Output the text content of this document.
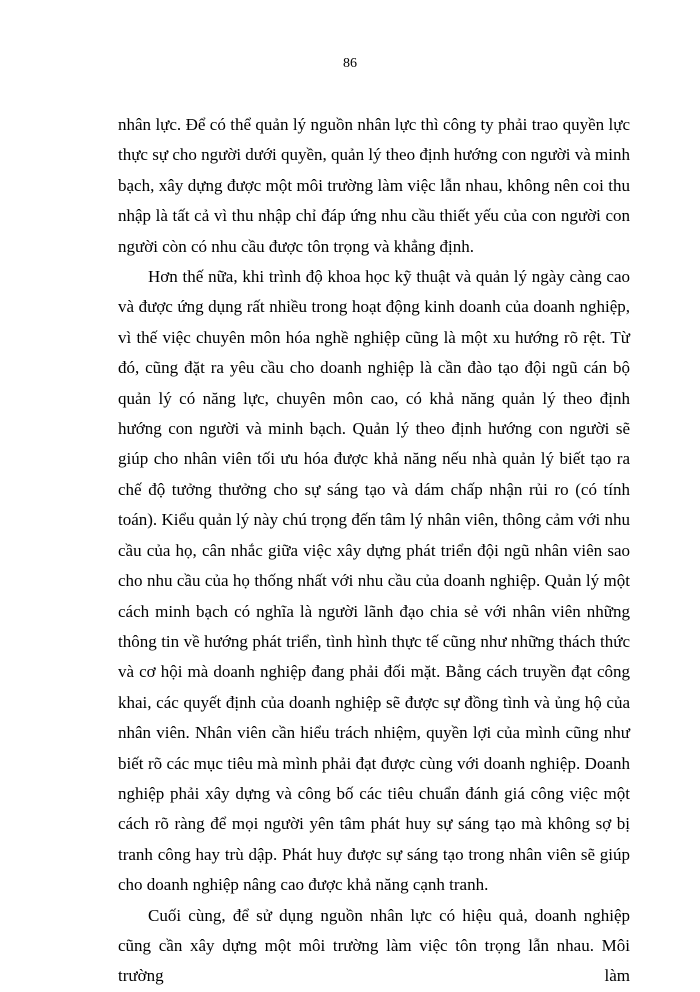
86

nhân lực. Để có thể quản lý nguồn nhân lực thì công ty phải trao quyền lực thực sự cho người dưới quyền, quản lý theo định hướng con người và minh bạch, xây dựng được một môi trường làm việc lẫn nhau, không nên coi thu nhập là tất cả vì thu nhập chỉ đáp ứng nhu cầu thiết yếu của con người con người còn có nhu cầu được tôn trọng và khẳng định.

Hơn thế nữa, khi trình độ khoa học kỹ thuật và quản lý ngày càng cao và được ứng dụng rất nhiều trong hoạt động kinh doanh của doanh nghiệp, vì thế việc chuyên môn hóa nghề nghiệp cũng là một xu hướng rõ rệt. Từ đó, cũng đặt ra yêu cầu cho doanh nghiệp là cần đào tạo đội ngũ cán bộ quản lý có năng lực, chuyên môn cao, có khả năng quản lý theo định hướng con người và minh bạch. Quản lý theo định hướng con người sẽ giúp cho nhân viên tối ưu hóa được khả năng nếu nhà quản lý biết tạo ra chế độ tưởng thưởng cho sự sáng tạo và dám chấp nhận rủi ro (có tính toán). Kiểu quản lý này chú trọng đến tâm lý nhân viên, thông cảm với nhu cầu của họ, cân nhắc giữa việc xây dựng phát triển đội ngũ nhân viên sao cho nhu cầu của họ thống nhất với nhu cầu của doanh nghiệp. Quản lý một cách minh bạch có nghĩa là người lãnh đạo chia sẻ với nhân viên những thông tin về hướng phát triển, tình hình thực tế cũng như những thách thức và cơ hội mà doanh nghiệp đang phải đối mặt. Bằng cách truyền đạt công khai, các quyết định của doanh nghiệp sẽ được sự đồng tình và ủng hộ của nhân viên. Nhân viên cần hiểu trách nhiệm, quyền lợi của mình cũng như biết rõ các mục tiêu mà mình phải đạt được cùng với doanh nghiệp. Doanh nghiệp phải xây dựng và công bố các tiêu chuẩn đánh giá công việc một cách rõ ràng để mọi người yên tâm phát huy sự sáng tạo mà không sợ bị tranh công hay trù dập. Phát huy được sự sáng tạo trong nhân viên sẽ giúp cho doanh nghiệp nâng cao được khả năng cạnh tranh.

Cuối cùng, để sử dụng nguồn nhân lực có hiệu quả, doanh nghiệp cũng cần xây dựng một môi trường làm việc tôn trọng lẫn nhau. Môi trường làm
